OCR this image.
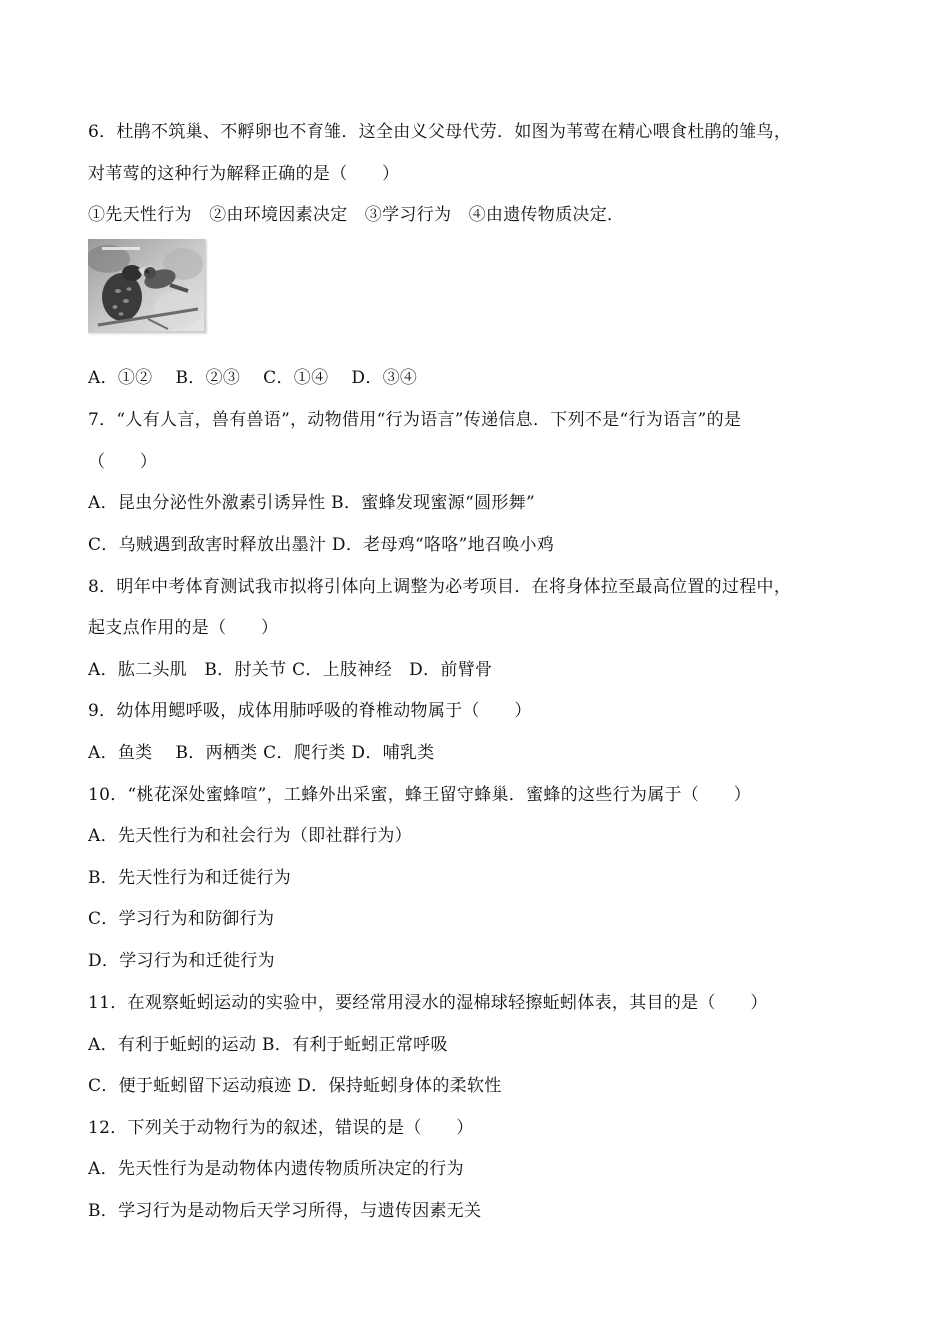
6．杜鹃不筑巢、不孵卵也不育雏．这全由义父母代劳．如图为苇莺在精心喂食杜鹃的雏鸟，
对苇莺的这种行为解释正确的是（　　）
①先天性行为　②由环境因素决定　③学习行为　④由遗传物质决定．
A．①②　 B．②③　 C．①④　 D．③④
7．“人有人言，兽有兽语”，动物借用“行为语言”传递信息．下列不是“行为语言”的是
（　　）
A．昆虫分泌性外激素引诱异性 B．蜜蜂发现蜜源“圆形舞”
C．乌贼遇到敌害时释放出墨汁 D．老母鸡“咯咯”地召唤小鸡
8．明年中考体育测试我市拟将引体向上调整为必考项目．在将身体拉至最高位置的过程中，
起支点作用的是（　　）
A．肱二头肌　B．肘关节 C．上肢神经　D．前臂骨
9．幼体用鳃呼吸，成体用肺呼吸的脊椎动物属于（　　）
A．鱼类　 B．两栖类 C．爬行类 D．哺乳类
10．“桃花深处蜜蜂喧”，工蜂外出采蜜，蜂王留守蜂巢．蜜蜂的这些行为属于（　　）
A．先天性行为和社会行为（即社群行为）
B．先天性行为和迁徙行为
C．学习行为和防御行为
D．学习行为和迁徙行为
11．在观察蚯蚓运动的实验中，要经常用浸水的湿棉球轻擦蚯蚓体表，其目的是（　　）
A．有利于蚯蚓的运动 B．有利于蚯蚓正常呼吸
C．便于蚯蚓留下运动痕迹 D．保持蚯蚓身体的柔软性
12．下列关于动物行为的叙述，错误的是（　　）
A．先天性行为是动物体内遗传物质所决定的行为
B．学习行为是动物后天学习所得，与遗传因素无关
